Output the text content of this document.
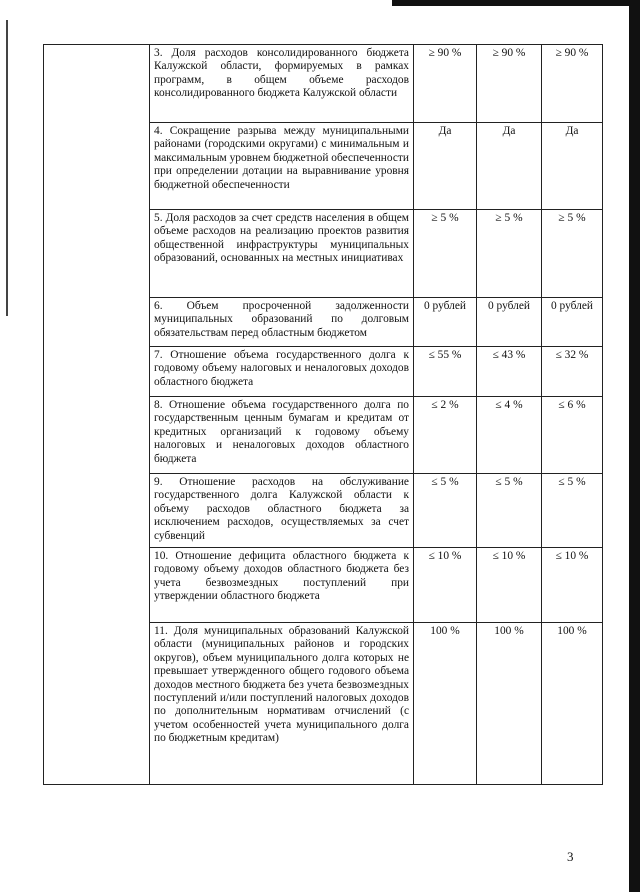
	3. Доля расходов консолидированного бюджета Калужской области, формируемых в рамках программ, в общем объеме расходов консолидированного бюджета Калужской области	≥ 90 %	≥ 90 %	≥ 90 %
	4. Сокращение разрыва между муниципальными районами (городскими округами) с минимальным и максимальным уровнем бюджетной обеспеченности при определении дотации на выравнивание уровня бюджетной обеспеченности	Да	Да	Да
	5. Доля расходов за счет средств населения в общем объеме расходов на реализацию проектов развития общественной инфраструктуры муниципальных образований, основанных на местных инициативах	≥ 5 %	≥ 5 %	≥ 5 %
	6. Объем просроченной задолженности муниципальных образований по долговым обязательствам перед областным бюджетом	0 рублей	0 рублей	0 рублей
	7. Отношение объема государственного долга к годовому объему налоговых и неналоговых доходов областного бюджета	≤ 55 %	≤ 43 %	≤ 32 %
	8. Отношение объема государственного долга по государственным ценным бумагам и кредитам от кредитных организаций к годовому объему налоговых и неналоговых доходов областного бюджета	≤ 2 %	≤ 4 %	≤ 6 %
	9. Отношение расходов на обслуживание государственного долга Калужской области к объему расходов областного бюджета за исключением расходов, осуществляемых за счет субвенций	≤ 5 %	≤ 5 %	≤ 5 %
	10. Отношение дефицита областного бюджета к годовому объему доходов областного бюджета без учета безвозмездных поступлений при утверждении областного бюджета	≤ 10 %	≤ 10 %	≤ 10 %
	11. Доля муниципальных образований Калужской области (муниципальных районов и городских округов), объем муниципального долга которых не превышает утвержденного общего годового объема доходов местного бюджета без учета безвозмездных поступлений и/или поступлений налоговых доходов по дополнительным нормативам отчислений (с учетом особенностей учета муниципального долга по бюджетным кредитам)	100 %	100 %	100 %
3
